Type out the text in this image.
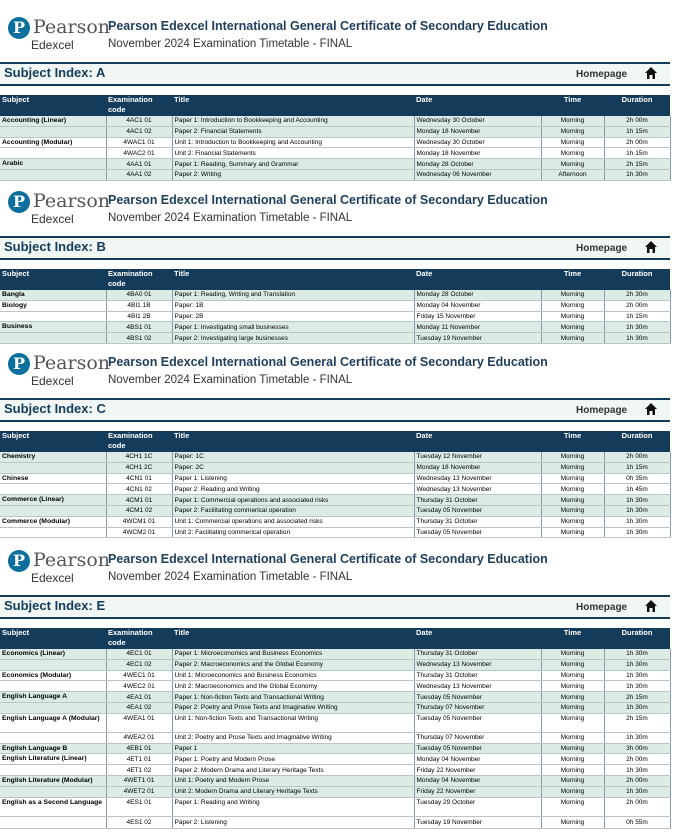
P Pearson
Edexcel
Pearson Edexcel International General Certificate of Secondary Education
November 2024 Examination Timetable - FINAL
Subject Index: A	Homepage
Subject	Examination code	Title	Date	Time	Duration
Accounting (Linear)	4AC1 01	Paper 1: Introduction to Bookkeeping and Accounting	Wednesday 30 October	Morning	2h 00m
	4AC1 02	Paper 2: Financial Statements	Monday 18 November	Morning	1h 15m
Accounting (Modular)	4WAC1 01	Unit 1: Introduction to Bookkeeping and Accounting	Wednesday 30 October	Morning	2h 00m
	4WAC2 01	Unit 2: Financial Statements	Monday 18 November	Morning	1h 15m
Arabic	4AA1 01	Paper 1: Reading, Summary and Grammar	Monday 28 October	Morning	2h 15m
	4AA1 02	Paper 2: Writing	Wednesday 06 November	Afternoon	1h 30m
P Pearson
Edexcel
Pearson Edexcel International General Certificate of Secondary Education
November 2024 Examination Timetable - FINAL
Subject Index: B	Homepage
Subject	Examination code	Title	Date	Time	Duration
Bangla	4BA0 01	Paper 1: Reading, Writing and Translation	Monday 28 October	Morning	2h 30m
Biology	4BI1 1B	Paper: 1B	Monday 04 November	Morning	2h 00m
	4BI1 2B	Paper: 2B	Friday 15 November	Morning	1h 15m
Business	4BS1 01	Paper 1: Investigating small businesses	Monday 11 November	Morning	1h 30m
	4BS1 02	Paper 2: Investigating large businesses	Tuesday 19 November	Morning	1h 30m
P Pearson
Edexcel
Pearson Edexcel International General Certificate of Secondary Education
November 2024 Examination Timetable - FINAL
Subject Index: C	Homepage
Subject	Examination code	Title	Date	Time	Duration
Chemistry	4CH1 1C	Paper: 1C	Tuesday 12 November	Morning	2h 00m
	4CH1 2C	Paper: 2C	Monday 18 November	Morning	1h 15m
Chinese	4CN1 01	Paper 1: Listening	Wednesday 13 November	Morning	0h 35m
	4CN1 02	Paper 2: Reading and Writing	Wednesday 13 November	Morning	1h 45m
Commerce (Linear)	4CM1 01	Paper 1: Commercial operations and associated risks	Thursday 31 October	Morning	1h 30m
	4CM1 02	Paper 2: Facilitating commerical operation	Tuesday 05 November	Morning	1h 30m
Commerce (Modular)	4WCM1 01	Unit 1: Commercial operations and associated risks	Thursday 31 October	Morning	1h 30m
	4WCM2 01	Unit 2: Facilitating commerical operation	Tuesday 05 November	Morning	1h 30m
P Pearson
Edexcel
Pearson Edexcel International General Certificate of Secondary Education
November 2024 Examination Timetable - FINAL
Subject Index: E	Homepage
Subject	Examination code	Title	Date	Time	Duration
Economics (Linear)	4EC1 01	Paper 1: Microeconomics and Business Economics	Thursday 31 October	Morning	1h 30m
	4EC1 02	Paper 2: Macroeconomics and the Global Economy	Wednesday 13 November	Morning	1h 30m
Economics (Modular)	4WEC1 01	Unit 1: Microeconomics and Business Economics	Thursday 31 October	Morning	1h 30m
	4WEC2 01	Unit 2: Macroeconomics and the Global Economy	Wednesday 13 November	Morning	1h 30m
English Language A	4EA1 01	Paper 1: Non-fiction Texts and Transactional Writing	Tuesday 05 November	Morning	2h 15m
	4EA1 02	Paper 2: Poetry and Prose Texts and Imaginative Writing	Thursday 07 November	Morning	1h 30m
English Language A (Modular)	4WEA1 01	Unit 1: Non-fiction Texts and Transactional Writing	Tuesday 05 November	Morning	2h 15m
	4WEA2 01	Unit 2: Poetry and Prose Texts and Imaginative Writing	Thursday 07 November	Morning	1h 30m
English Language B	4EB1 01	Paper 1	Tuesday 05 November	Morning	3h 00m
English Literature (Linear)	4ET1 01	Paper 1: Poetry and Modern Prose	Monday 04 November	Morning	2h 00m
	4ET1 02	Paper 2: Modern Drama and Literary Heritage Texts	Friday 22 November	Morning	1h 30m
English Literature (Modular)	4WET1 01	Unit 1: Poetry and Modern Prose	Monday 04 November	Morning	2h 00m
	4WET2 01	Unit 2: Modern Drama and Literary Heritage Texts	Friday 22 November	Morning	1h 30m
English as a Second Language	4ES1 01	Paper 1: Reading and Writing	Tuesday 29 October	Morning	2h 00m
	4ES1 02	Paper 2: Listening	Tuesday 19 November	Morning	0h 55m
